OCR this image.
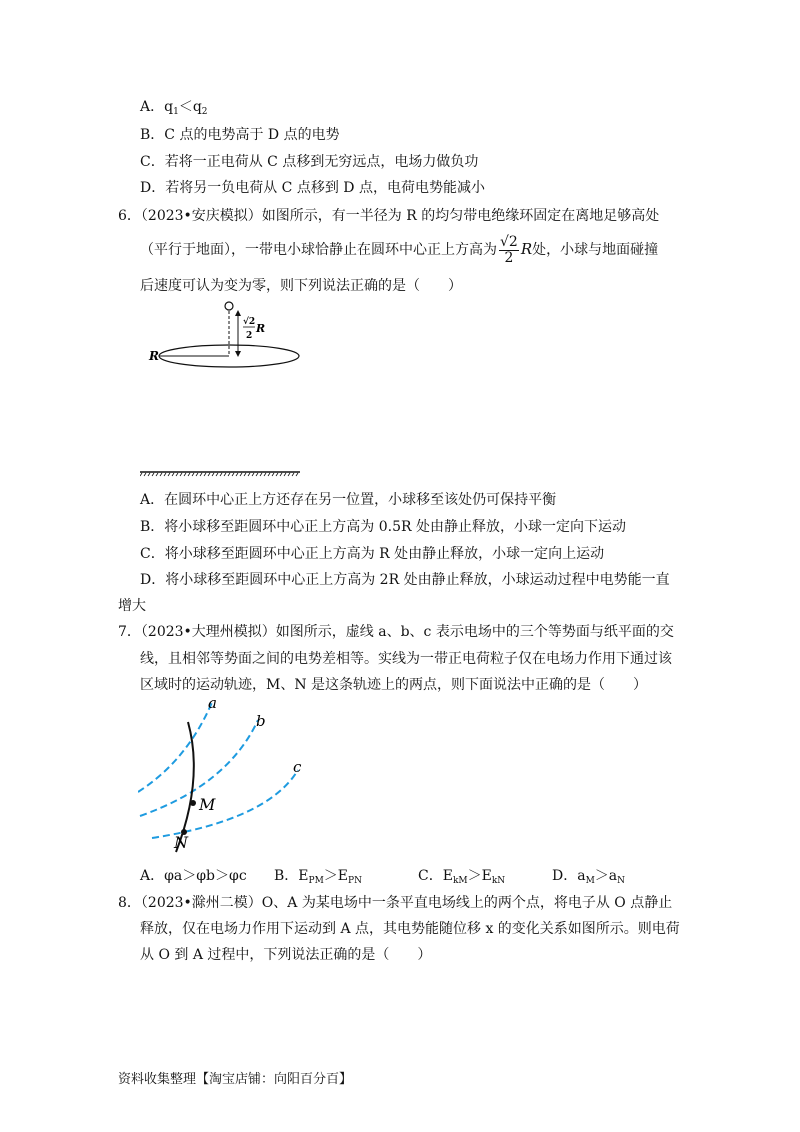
A．$q_1<q_2$
B．C 点的电势高于 D 点的电势
C．若将一正电荷从 C 点移到无穷远点，电场力做负功
D．若将另一负电荷从 C 点移到 D 点，电荷电势能减小
6．（2023•安庆模拟）如图所示，有一半径为 R 的均匀带电绝缘环固定在离地足够高处
（平行于地面），一带电小球恰静止在圆环中心正上方高为 $\frac{√2}{2}$ R处，小球与地面碰撞
后速度可认为变为零，则下列说法正确的是（　　）
R
√2
2
R
A．在圆环中心正上方还存在另一位置，小球移至该处仍可保持平衡
B．将小球移至距圆环中心正上方高为 0.5R 处由静止释放，小球一定向下运动
C．将小球移至距圆环中心正上方高为 R 处由静止释放，小球一定向上运动
D．将小球移至距圆环中心正上方高为 2R 处由静止释放，小球运动过程中电势能一直
增大
7．（2023•大理州模拟）如图所示，虚线 a、b、c 表示电场中的三个等势面与纸平面的交
线，且相邻等势面之间的电势差相等。实线为一带正电荷粒子仅在电场力作用下通过该
区域时的运动轨迹，M、N 是这条轨迹上的两点，则下面说法中正确的是（　　）
a
b
c
M
N
A．φa＞φb＞φc B．$E_{PM}>E_{PN}$	C．$E_{kM}>E_{kN}$	D．$a_M>a_N$
8．（2023•滁州二模）O、A 为某电场中一条平直电场线上的两个点，将电子从 O 点静止
释放，仅在电场力作用下运动到 A 点，其电势能随位移 x 的变化关系如图所示。则电荷
从 O 到 A 过程中，下列说法正确的是（　　）
资料收集整理【淘宝店铺：向阳百分百】
